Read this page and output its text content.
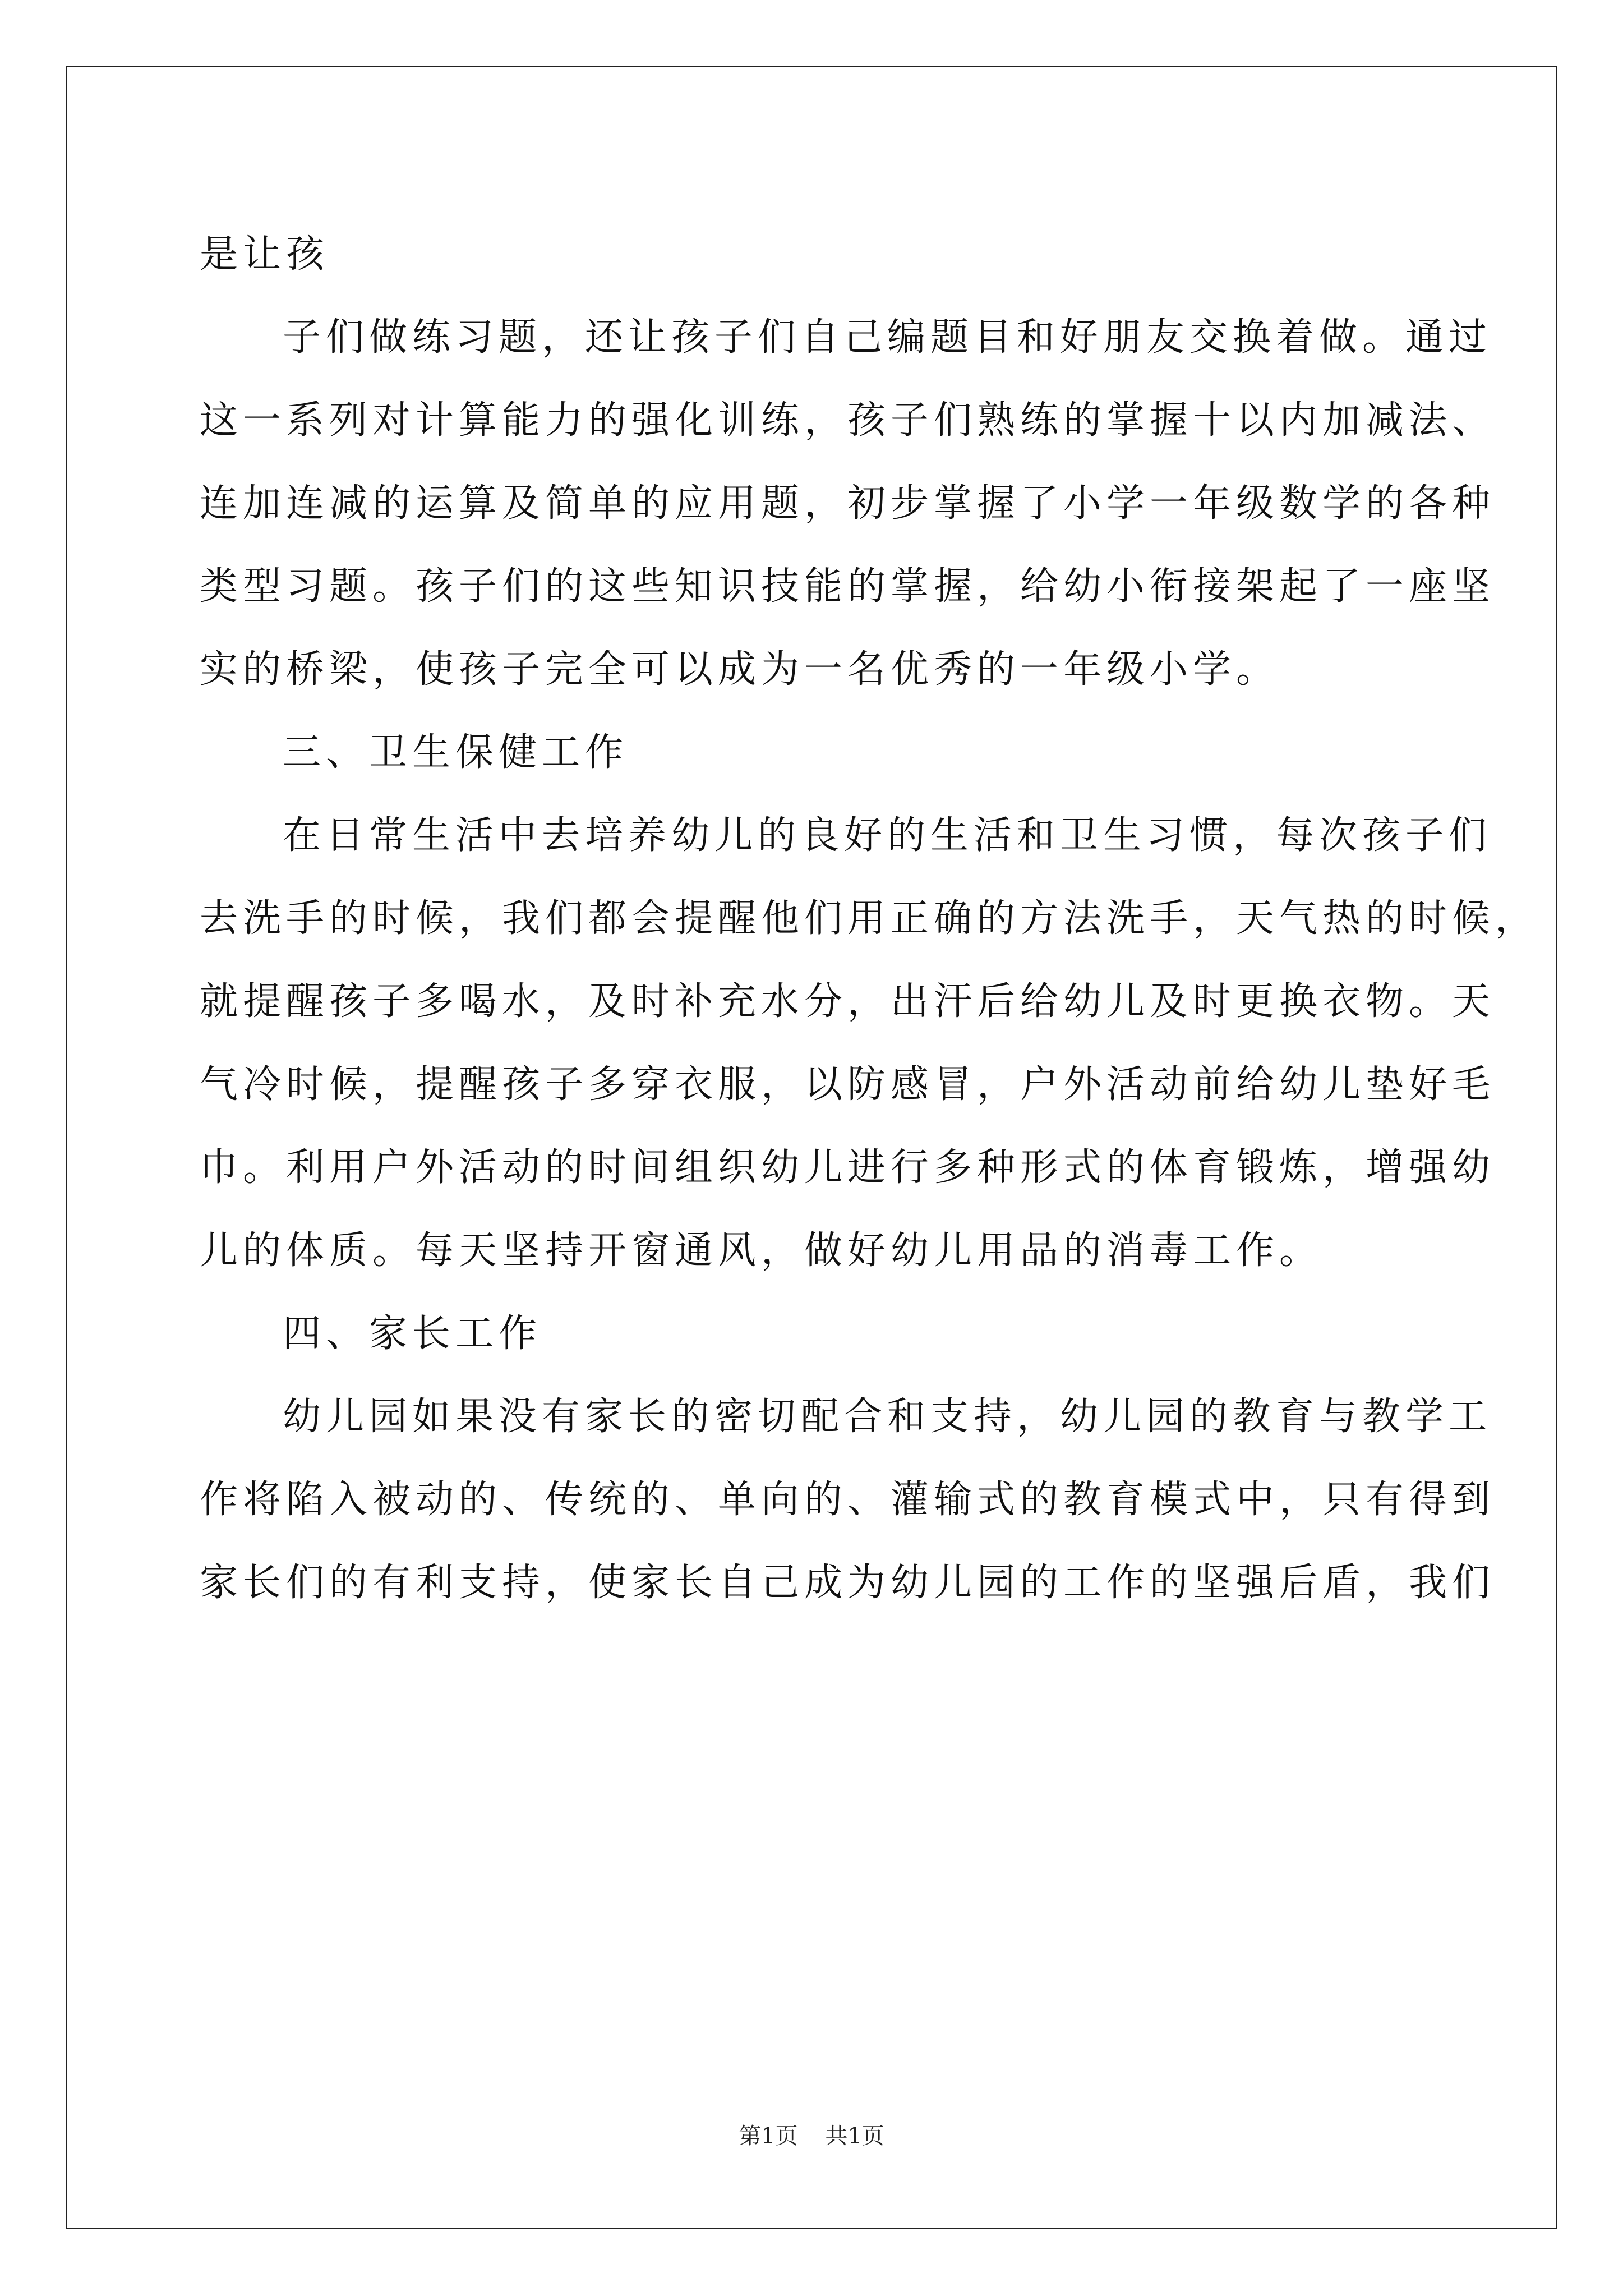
是让孩
子们做练习题，还让孩子们自己编题目和好朋友交换着做。通过
这一系列对计算能力的强化训练，孩子们熟练的掌握十以内加减法、
连加连减的运算及简单的应用题，初步掌握了小学一年级数学的各种
类型习题。孩子们的这些知识技能的掌握，给幼小衔接架起了一座坚
实的桥梁，使孩子完全可以成为一名优秀的一年级小学。
三、卫生保健工作
在日常生活中去培养幼儿的良好的生活和卫生习惯，每次孩子们
去洗手的时候，我们都会提醒他们用正确的方法洗手，天气热的时候，
就提醒孩子多喝水，及时补充水分，出汗后给幼儿及时更换衣物。天
气冷时候，提醒孩子多穿衣服，以防感冒，户外活动前给幼儿垫好毛
巾。利用户外活动的时间组织幼儿进行多种形式的体育锻炼，增强幼
儿的体质。每天坚持开窗通风，做好幼儿用品的消毒工作。
四、家长工作
幼儿园如果没有家长的密切配合和支持，幼儿园的教育与教学工
作将陷入被动的、传统的、单向的、灌输式的教育模式中，只有得到
家长们的有利支持，使家长自己成为幼儿园的工作的坚强后盾，我们
第1页 共1页
